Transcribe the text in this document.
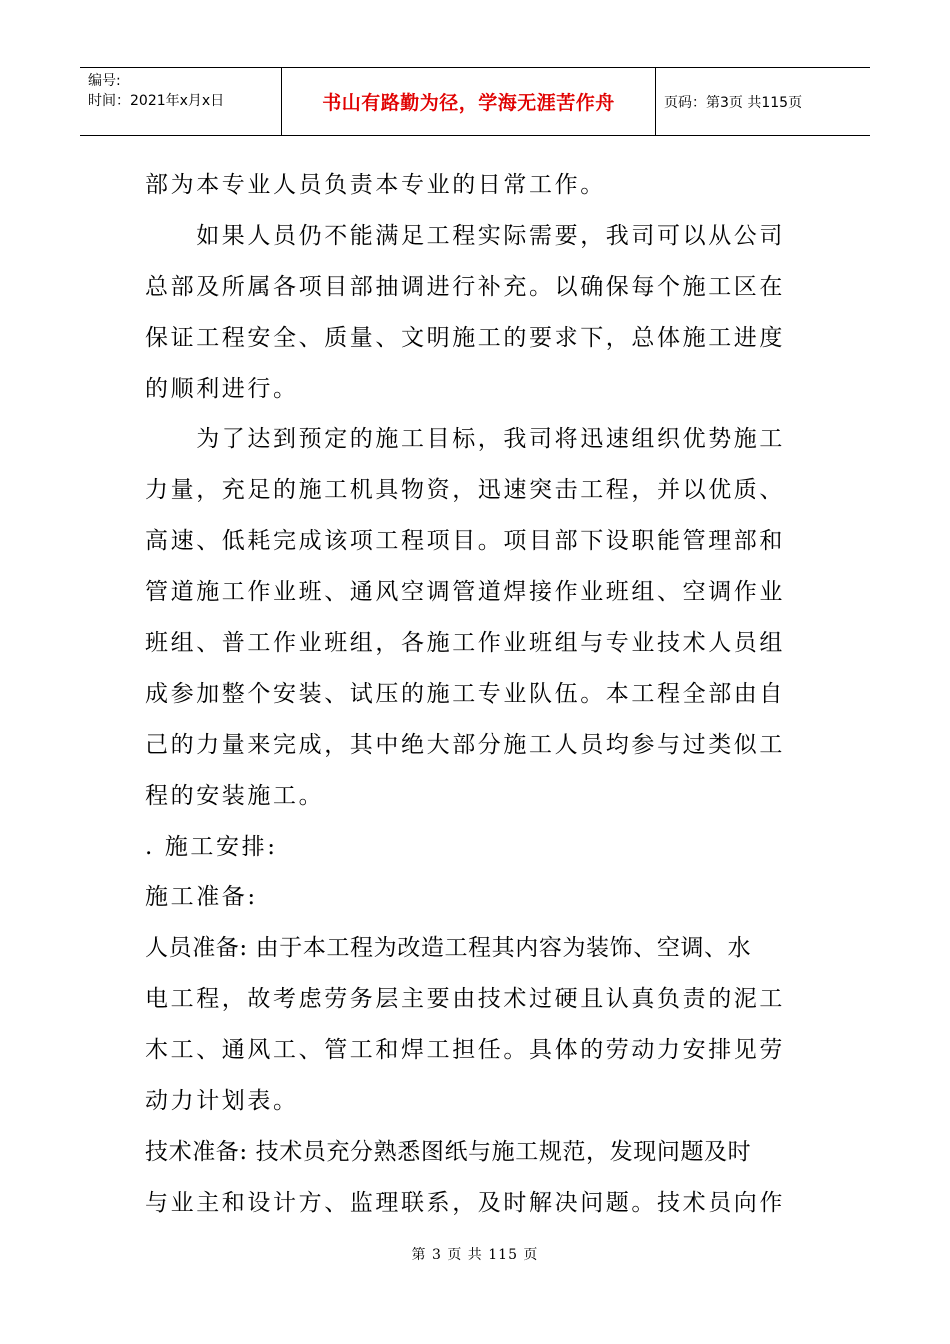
编号:
时间：2021年x月x日	书山有路勤为径，学海无涯苦作舟	页码：第3页 共115页
部为本专业人员负责本专业的日常工作。
　　如果人员仍不能满足工程实际需要，我司可以从公司
总部及所属各项目部抽调进行补充。以确保每个施工区在
保证工程安全、质量、文明施工的要求下，总体施工进度
的顺利进行。
　　为了达到预定的施工目标，我司将迅速组织优势施工
力量，充足的施工机具物资，迅速突击工程，并以优质、
高速、低耗完成该项工程项目。项目部下设职能管理部和
管道施工作业班、通风空调管道焊接作业班组、空调作业
班组、普工作业班组，各施工作业班组与专业技术人员组
成参加整个安装、试压的施工专业队伍。本工程全部由自
己的力量来完成，其中绝大部分施工人员均参与过类似工
程的安装施工。
. 施工安排:
施工准备:
人员准备: 由于本工程为改造工程其内容为装饰、空调、水
电工程，故考虑劳务层主要由技术过硬且认真负责的泥工
木工、通风工、管工和焊工担任。具体的劳动力安排见劳
动力计划表。
技术准备: 技术员充分熟悉图纸与施工规范，发现问题及时
与业主和设计方、监理联系，及时解决问题。技术员向作
第 3 页 共 115 页
